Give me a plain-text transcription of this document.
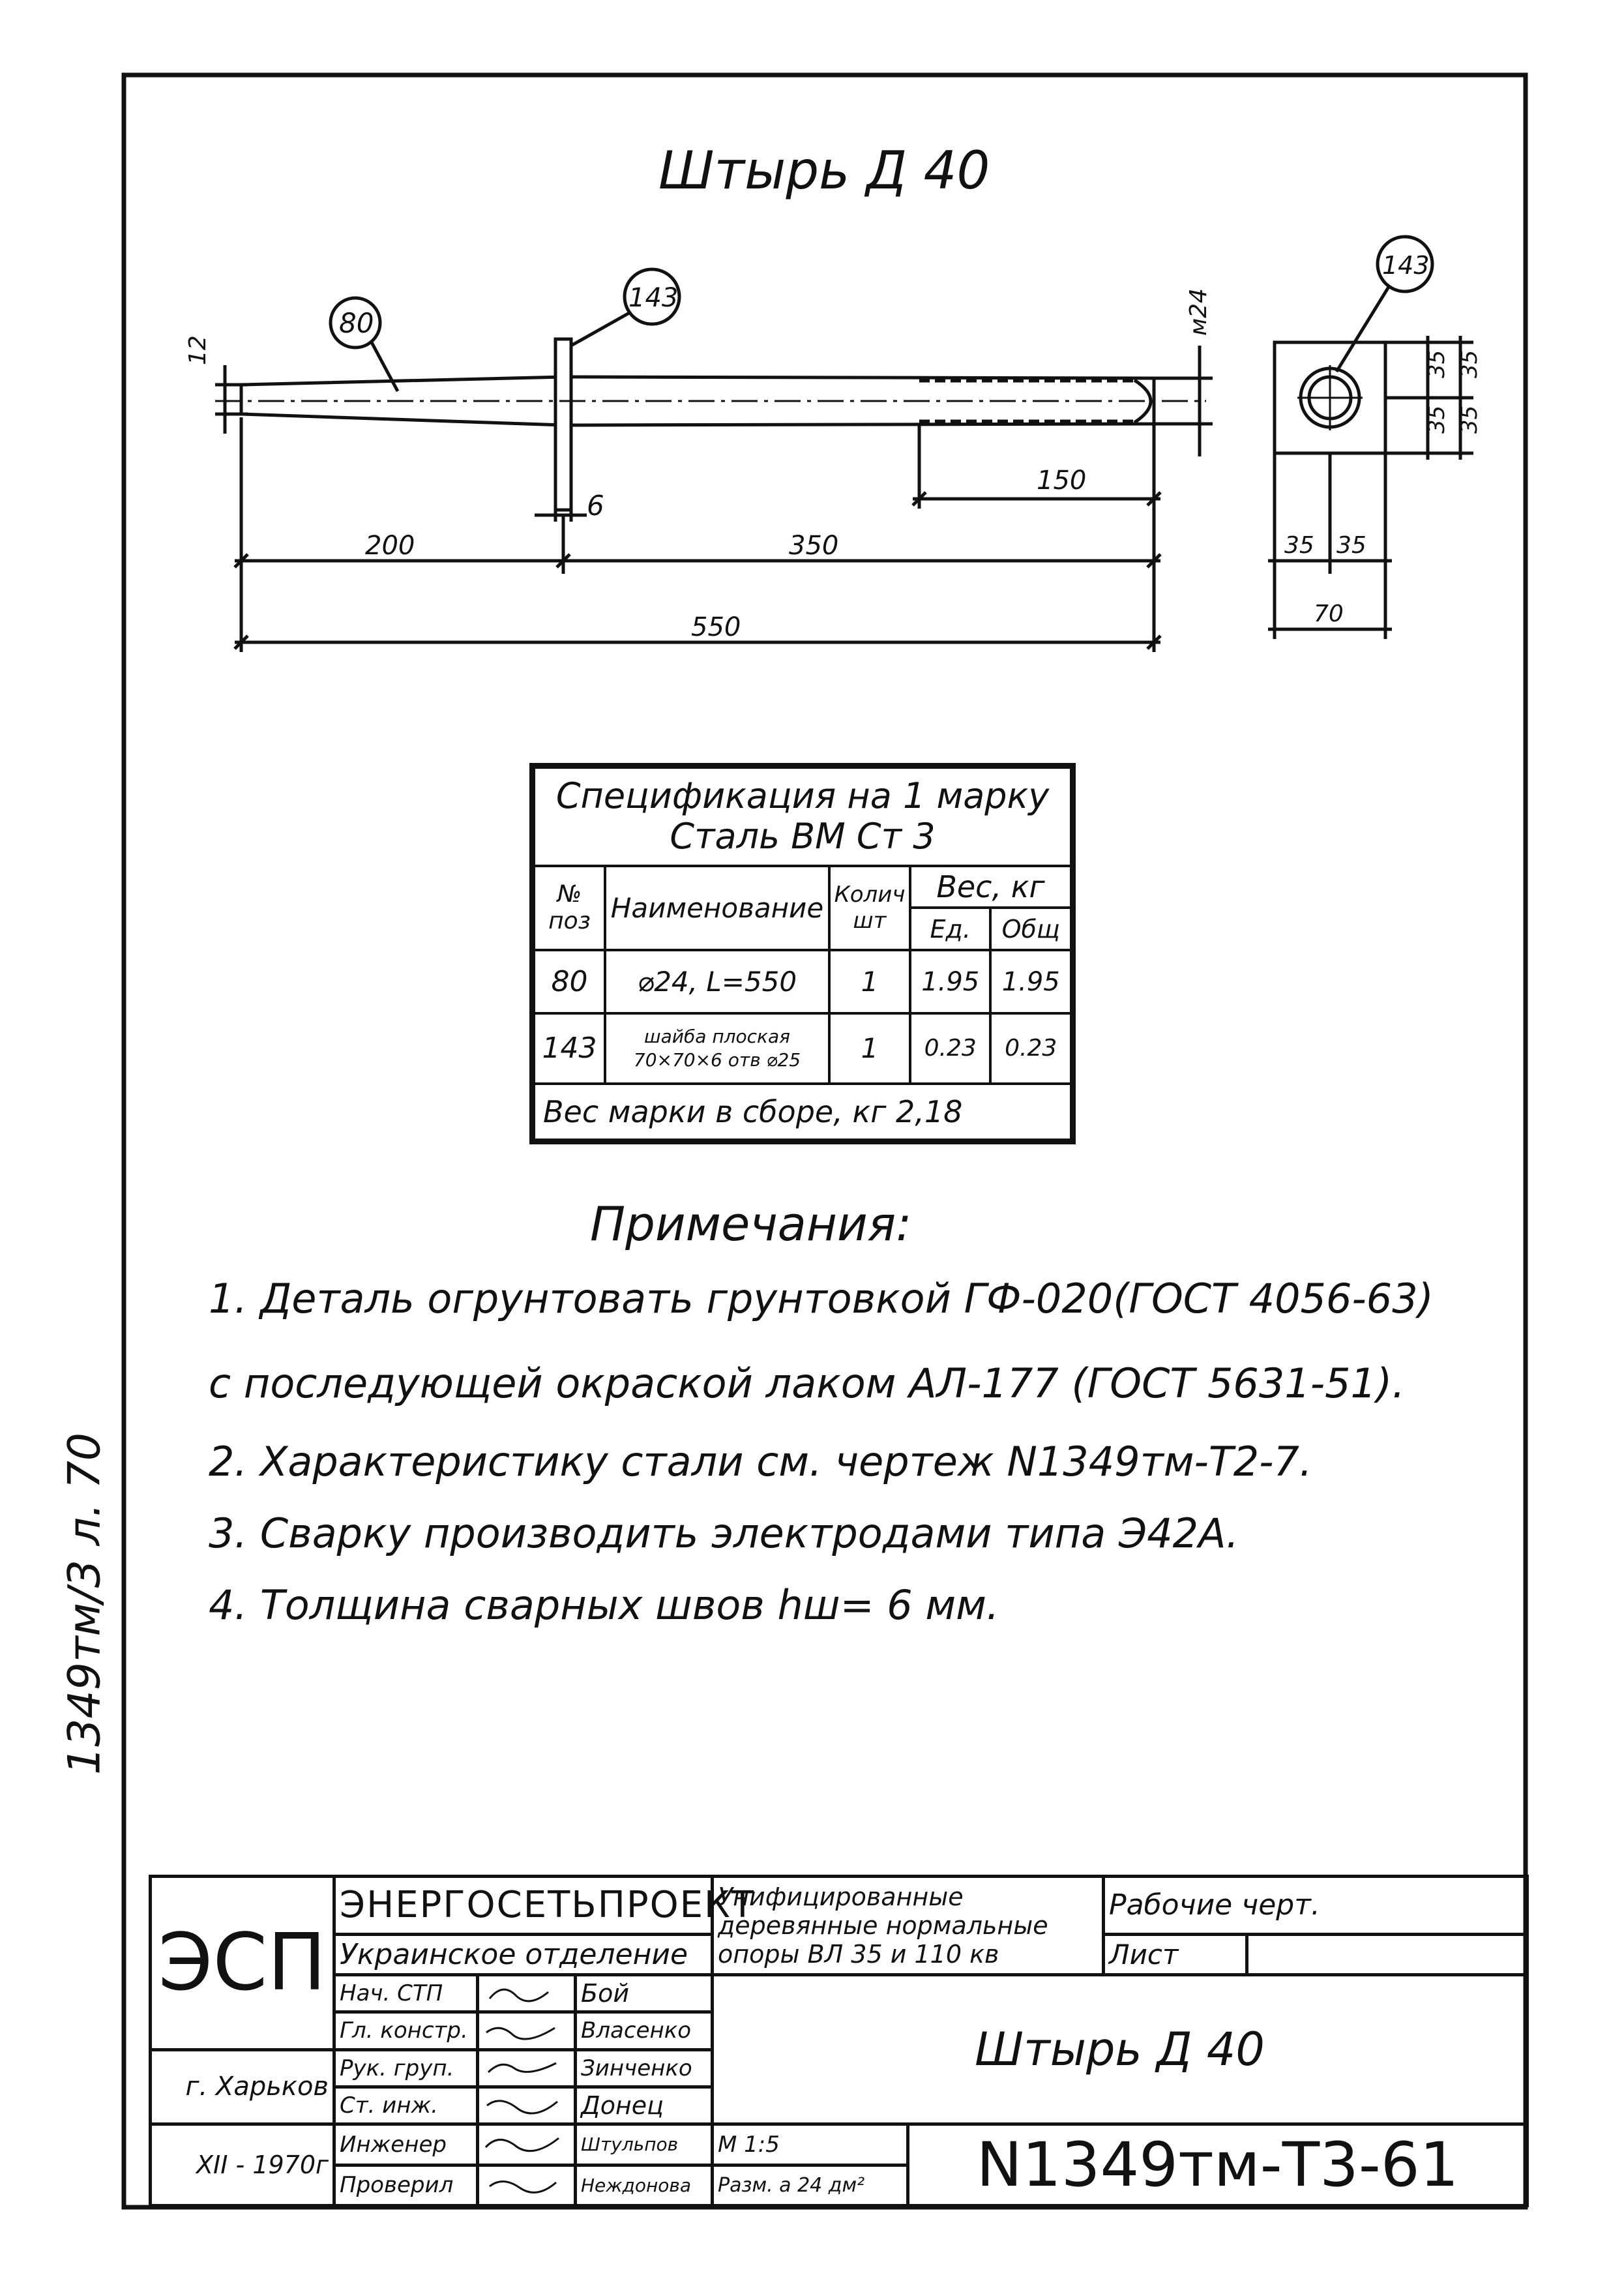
Штырь Д 40
80
143
12
м24
6
150
200	350
550
143
35 35
35 35
35 35
70
Спецификация на 1 марку
Сталь ВМ Ст 3				

№ поз	Наименование	Колич шт	Вес, кг	
			Ед.	Общ
80	⌀24, L=550	1	1.95	1.95
143	шайба плоская 70×70×6 отв ⌀25	1	0.23	0.23
Вес марки в сборе, кг 2,18				
Примечания:
1. Деталь огрунтовать грунтовкой ГФ-020(ГОСТ 4056-63)
с последующей окраской лаком АЛ-177 (ГОСТ 5631-51).
2. Характеристику стали см. чертеж N1349тм-Т2-7.
3. Сварку производить электродами типа Э42А.
4. Толщина сварных швов hш= 6 мм.
1349тм/3 л. 70
ЭСП	ЭНЕРГОСЕТЬПРОЕКТ			Унифицированные деревянные нормальные опоры ВЛ 35 и 110 кв		Рабочие черт.	
	Украинское отделение					Лист	
	Нач. СТП		Бой	Штырь Д 40			
	Гл. констр.		Власенко				
г. Харьков	Рук. груп.		Зинченко				
	Ст. инж.		Донец				
XII - 1970г	Инженер		Штульпов	М 1:5	N1349тм-Т3-61		
	Проверил		Неждонова	Разм. а 24 дм²			
